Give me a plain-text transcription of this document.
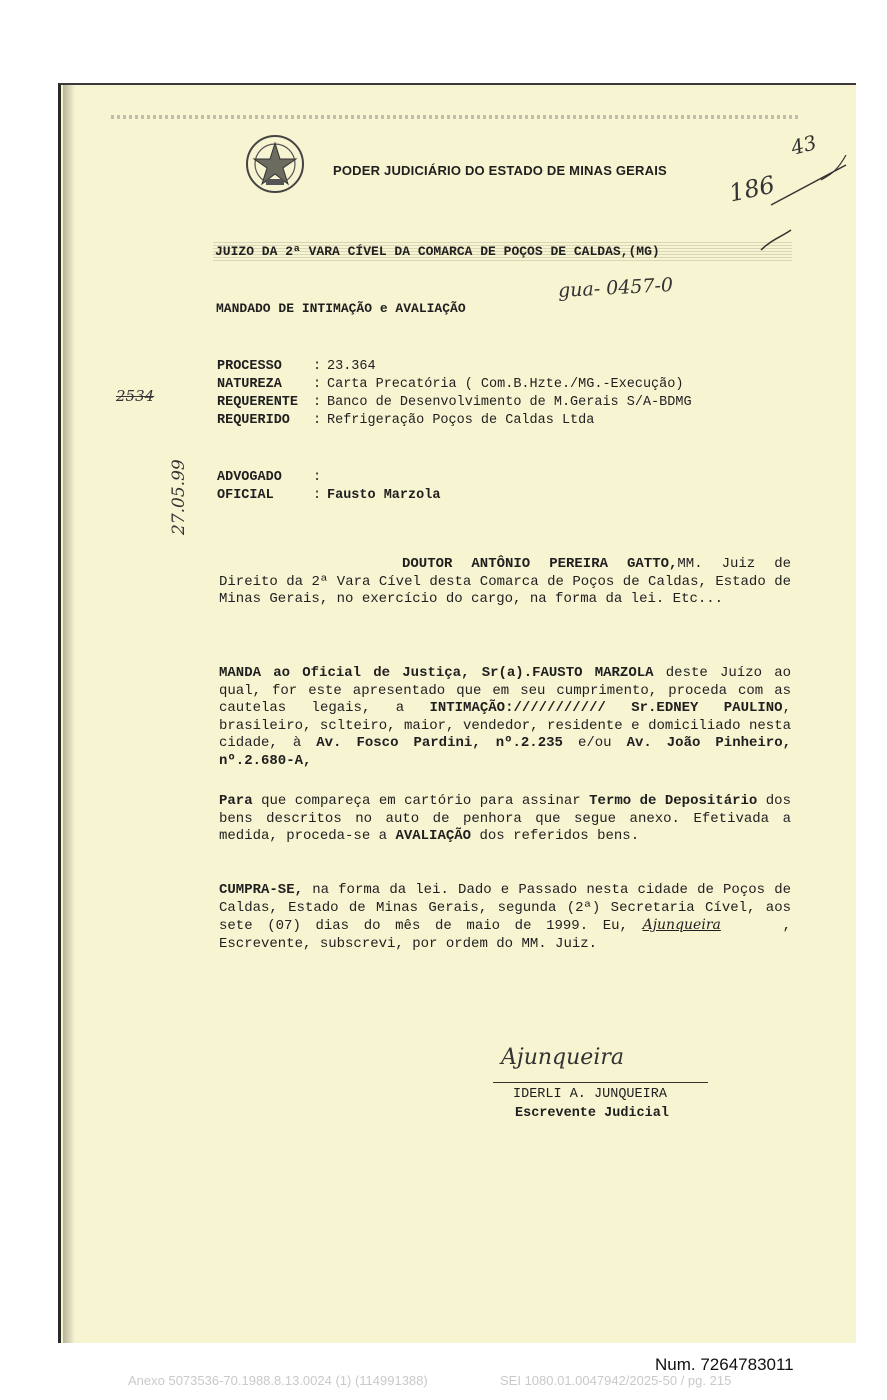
PODER JUDICIÁRIO DO ESTADO DE MINAS GERAIS
186
43
JUIZO DA 2ª VARA CÍVEL DA COMARCA DE POÇOS DE CALDAS,(MG)
MANDADO DE INTIMAÇÃO e AVALIAÇÃO
gua- 0457-0
PROCESSO : 23.364
NATUREZA : Carta Precatória ( Com.B.Hzte./MG.-Execução)
REQUERENTE : Banco de Desenvolvimento de M.Gerais S/A-BDMG
REQUERIDO : Refrigeração Poços de Caldas Ltda
2534
27.05.99 ADVOGADO :
OFICIAL	: Fausto Marzola
DOUTOR ANTÔNIO PEREIRA GATTO,MM. Juiz de Direito da 2ª Vara Cível desta Comarca de Poços de Caldas, Estado de Minas Gerais, no exercício do cargo, na forma da lei. Etc...
MANDA ao Oficial de Justiça, Sr(a).FAUSTO MARZOLA deste Juízo ao qual, for este apresentado que em seu cumprimento, proceda com as cautelas legais, a INTIMAÇÃO://///////// Sr.EDNEY PAULINO, brasileiro, sclteiro, maior, vendedor, residente e domiciliado nesta cidade, à Av. Fosco Pardini, nº.2.235 e/ou Av. João Pinheiro, nº.2.680-A,
Para que compareça em cartório para assinar Termo de Depositário dos bens descritos no auto de penhora que segue anexo. Efetivada a medida, proceda-se a AVALIAÇÃO dos referidos bens.
CUMPRA-SE, na forma da lei. Dado e Passado nesta cidade de Poços de Caldas, Estado de Minas Gerais, segunda (2ª) Secretaria Cível, aos sete (07) dias do mês de maio de 1999. Eu, Ajunqueira	, Escrevente, subscrevi, por ordem do MM. Juiz.
Ajunqueira
IDERLI A. JUNQUEIRA
Escrevente Judicial
Num. 7264783011
Anexo 5073536-70.1988.8.13.0024 (1) (114991388)	SEI 1080.01.0047942/2025-50 / pg. 215
